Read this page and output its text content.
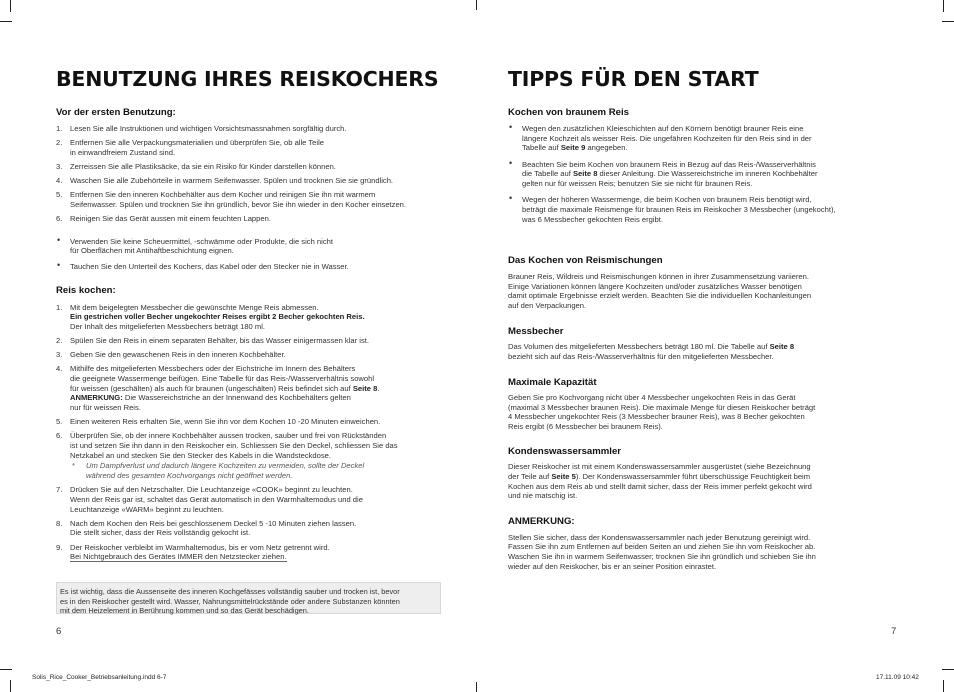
BENUTZUNG IHRES REISKOCHERS
Vor der ersten Benutzung:
1. Lesen Sie alle Instruktionen und wichtigen Vorsichtsmassnahmen sorgfältig durch.
2. Entfernen Sie alle Verpackungsmaterialien und überprüfen Sie, ob alle Teile
in einwandfreiem Zustand sind.
3. Zerreissen Sie alle Plastiksäcke, da sie ein Risiko für Kinder darstellen können.
4. Waschen Sie alle Zubehörteile in warmem Seifenwasser. Spülen und trocknen Sie sie gründlich.
5. Entfernen Sie den inneren Kochbehälter aus dem Kocher und reinigen Sie ihn mit warmem
Seifenwasser. Spülen und trocknen Sie ihn gründlich, bevor Sie ihn wieder in den Kocher einsetzen.
6. Reinigen Sie das Gerät aussen mit einem feuchten Lappen.
• Verwenden Sie keine Scheuermittel, -schwämme oder Produkte, die sich nicht
für Oberflächen mit Antihaftbeschichtung eignen.
• Tauchen Sie den Unterteil des Kochers, das Kabel oder den Stecker nie in Wasser.
Reis kochen:
1. Mit dem beigelegten Messbecher die gewünschte Menge Reis abmessen.
Ein gestrichen voller Becher ungekochter Reises ergibt 2 Becher gekochten Reis.
Der Inhalt des mitgelieferten Messbechers beträgt 180 ml.
2. Spülen Sie den Reis in einem separaten Behälter, bis das Wasser einigermassen klar ist.
3. Geben Sie den gewaschenen Reis in den inneren Kochbehälter.
4. Mithilfe des mitgelieferten Messbechers oder der Eichstriche im Innern des Behälters
die geeignete Wassermenge beifügen. Eine Tabelle für das Reis-/Wasserverhältnis sowohl
für weissen (geschälten) als auch für braunen (ungeschälten) Reis befindet sich auf Seite 8.
ANMERKUNG: Die Wassereichstriche an der Innenwand des Kochbehälters gelten
nur für weissen Reis.
5. Einen weiteren Reis erhalten Sie, wenn Sie ihn vor dem Kochen 10 -20 Minuten einweichen.
6. Überprüfen Sie, ob der innere Kochbehälter aussen trocken, sauber und frei von Rückständen
ist und setzen Sie ihn dann in den Reiskocher ein. Schliessen Sie den Deckel, schliessen Sie das
Netzkabel an und stecken Sie den Stecker des Kabels in die Wandsteckdose.
* Um Dampfverlust und dadurch längere Kochzeiten zu vermeiden, sollte der Deckel
während des gesamten Kochvorgangs nicht geöffnet werden.
7. Drücken Sie auf den Netzschalter. Die Leuchtanzeige «COOK» beginnt zu leuchten.
Wenn der Reis gar ist, schaltet das Gerät automatisch in den Warmhaltemodus und die
Leuchtanzeige «WARM» beginnt zu leuchten.
8. Nach dem Kochen den Reis bei geschlossenem Deckel 5 -10 Minuten ziehen lassen.
Die stellt sicher, dass der Reis vollständig gekocht ist.
9. Der Reiskocher verbleibt im Warmhaltemodus, bis er vom Netz getrennt wird.
Bei Nichtgebrauch des Gerätes IMMER den Netzstecker ziehen.
Es ist wichtig, dass die Aussenseite des inneren Kochgefässes vollständig sauber und trocken ist, bevor
es in den Reiskocher gestellt wird. Wasser, Nahrungsmittelrückstände oder andere Substanzen könnten
mit dem Heizelement in Berührung kommen und so das Gerät beschädigen.
6
TIPPS FÜR DEN START
Kochen von braunem Reis
• Wegen den zusätzlichen Kleieschichten auf den Körnern benötigt brauner Reis eine
längere Kochzeit als weisser Reis. Die ungefähren Kochzeiten für den Reis sind in der
Tabelle auf Seite 9 angegeben.
• Beachten Sie beim Kochen von braunem Reis in Bezug auf das Reis-/Wasserverhältnis
die Tabelle auf Seite 8 dieser Anleitung. Die Wassereichstriche im inneren Kochbehälter
gelten nur für weissen Reis; benutzen Sie sie nicht für braunen Reis.
• Wegen der höheren Wassermenge, die beim Kochen von braunem Reis benötigt wird,
beträgt die maximale Reismenge für braunen Reis im Reiskocher 3 Messbecher (ungekocht),
was 6 Messbecher gekochten Reis ergibt.
Das Kochen von Reismischungen
Brauner Reis, Wildreis und Reismischungen können in ihrer Zusammensetzung variieren.
Einige Variationen können längere Kochzeiten und/oder zusätzliches Wasser benötigen
damit optimale Ergebnisse erzielt werden. Beachten Sie die individuellen Kochanleitungen
auf den Verpackungen.
Messbecher
Das Volumen des mitgelieferten Messbechers beträgt 180 ml. Die Tabelle auf Seite 8
bezieht sich auf das Reis-/Wasserverhältnis für den mitgelieferten Messbecher.
Maximale Kapazität
Geben Sie pro Kochvorgang nicht über 4 Messbecher ungekochten Reis in das Gerät
(maximal 3 Messbecher braunen Reis). Die maximale Menge für diesen Reiskocher beträgt
4 Messbecher ungekochter Reis (3 Messbecher brauner Reis), was 8 Becher gekochten
Reis ergibt (6 Messbecher bei braunem Reis).
Kondenswassersammler
Dieser Reiskocher ist mit einem Kondenswassersammler ausgerüstet (siehe Bezeichnung
der Teile auf Seite 5). Der Kondenswassersammler führt überschüssige Feuchtigkeit beim
Kochen aus dem Reis ab und stellt damit sicher, dass der Reis immer perfekt gekocht wird
und nie matschig ist.
ANMERKUNG:
Stellen Sie sicher, dass der Kondenswassersammler nach jeder Benutzung gereinigt wird.
Fassen Sie ihn zum Entfernen auf beiden Seiten an und ziehen Sie ihn vom Reiskocher ab.
Waschen Sie ihn in warmem Seifenwasser; trocknen Sie ihn gründlich und schieben Sie ihn
wieder auf den Reiskocher, bis er an seiner Position einrastet.
7
Solis_Rice_Cooker_Betriebsanleitung.indd 6-7	17.11.09 10:42
